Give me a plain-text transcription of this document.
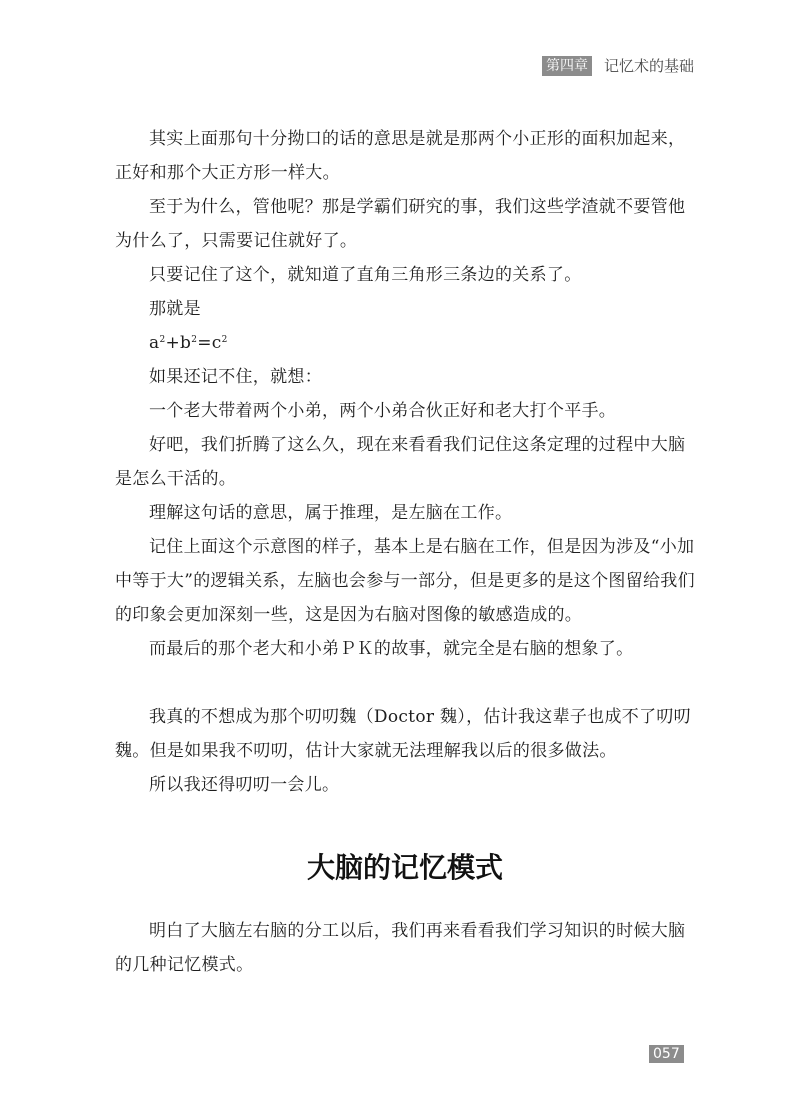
第四章 记忆术的基础

其实上面那句十分拗口的话的意思是就是那两个小正形的面积加起来，正好和那个大正方形一样大。

至于为什么，管他呢？那是学霸们研究的事，我们这些学渣就不要管他为什么了，只需要记住就好了。

只要记住了这个，就知道了直角三角形三条边的关系了。

那就是

$a^2+b^2=c^2$

如果还记不住，就想：

一个老大带着两个小弟，两个小弟合伙正好和老大打个平手。

好吧，我们折腾了这么久，现在来看看我们记住这条定理的过程中大脑是怎么干活的。

理解这句话的意思，属于推理，是左脑在工作。

记住上面这个示意图的样子，基本上是右脑在工作，但是因为涉及“小加中等于大”的逻辑关系，左脑也会参与一部分，但是更多的是这个图留给我们的印象会更加深刻一些，这是因为右脑对图像的敏感造成的。

而最后的那个老大和小弟ＰＫ的故事，就完全是右脑的想象了。

我真的不想成为那个叨叨魏（Doctor 魏），估计我这辈子也成不了叨叨魏。但是如果我不叨叨，估计大家就无法理解我以后的很多做法。

所以我还得叨叨一会儿。

大脑的记忆模式

明白了大脑左右脑的分工以后，我们再来看看我们学习知识的时候大脑的几种记忆模式。

057
